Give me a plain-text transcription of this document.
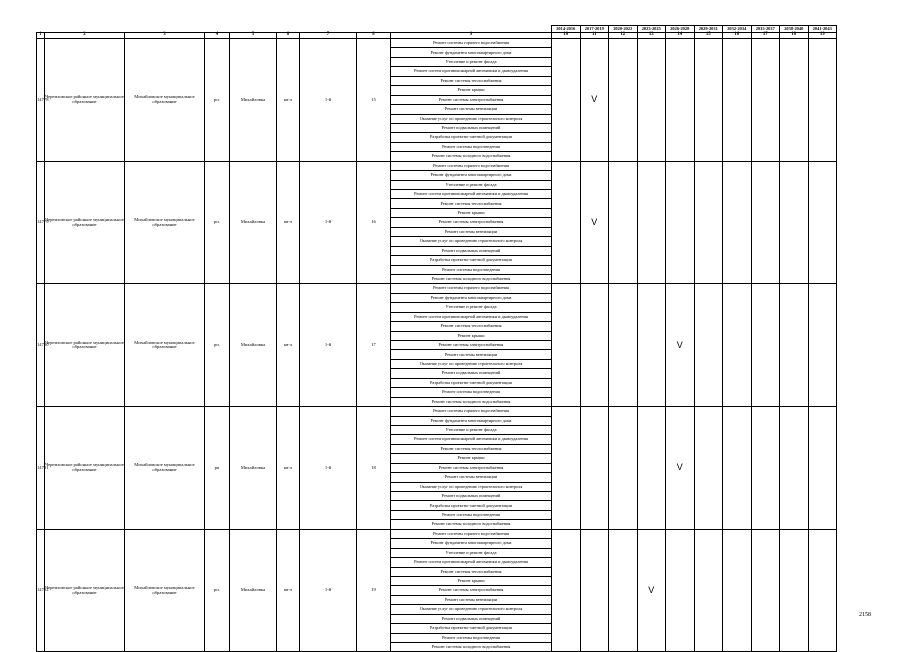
									2014-2016	2017-2019	2020-2022	2023-2025	2026-2028	2029-2031	2032-2034	2035-2037	2038-2040	2041-2043
1	2	3	4	5	6	7	8	9	10	11	12	13	14	15	16	17	18	19
14778	Черемховское районное муниципальное образование	Михайловское муниципальное образование	рп.	Михайловка	кв-л	1-й	15	Ремонт системы горячего водоснабжения		V								
								Ремонт фундамента многоквартирного дома										
								Утепление и ремонт фасада										
								Ремонт систем противопожарной автоматики и дымоудаления										
								Ремонт системы теплоснабжения										
								Ремонт крыши										
								Ремонт системы электроснабжения										
								Ремонт системы вентиляции										
								Оказание услуг по проведению строительного контроля										
								Ремонт подвальных помещений										
								Разработка проектно-сметной документации										
								Ремонт системы водоотведения										
								Ремонт системы холодного водоснабжения										
14779	Черемховское районное муниципальное образование	Михайловское муниципальное образование	рп.	Михайловка	кв-л	1-й	16	Ремонт системы горячего водоснабжения		V								
								Ремонт фундамента многоквартирного дома										
								Утепление и ремонт фасада										
								Ремонт систем противопожарной автоматики и дымоудаления										
								Ремонт системы теплоснабжения										
								Ремонт крыши										
								Ремонт системы электроснабжения										
								Ремонт системы вентиляции										
								Оказание услуг по проведению строительного контроля										
								Ремонт подвальных помещений										
								Разработка проектно-сметной документации										
								Ремонт системы водоотведения										
								Ремонт системы холодного водоснабжения										
14780	Черемховское районное муниципальное образование	Михайловское муниципальное образование	рп.	Михайловка	кв-л	1-й	17	Ремонт системы горячего водоснабжения					V					
								Ремонт фундамента многоквартирного дома										
								Утепление и ремонт фасада										
								Ремонт систем противопожарной автоматики и дымоудаления										
								Ремонт системы теплоснабжения										
								Ремонт крыши										
								Ремонт системы электроснабжения										
								Ремонт системы вентиляции										
								Оказание услуг по проведению строительного контроля										
								Ремонт подвальных помещений										
								Разработка проектно-сметной документации										
								Ремонт системы водоотведения										
								Ремонт системы холодного водоснабжения										
14781	Черемховское районное муниципальное образование	Михайловское муниципальное образование	рп	Михайловка	кв-л	1-й	18	Ремонт системы горячего водоснабжения					V					
								Ремонт фундамента многоквартирного дома										
								Утепление и ремонт фасада										
								Ремонт систем противопожарной автоматики и дымоудаления										
								Ремонт системы теплоснабжения										
								Ремонт крыши										
								Ремонт системы электроснабжения										
								Ремонт системы вентиляции										
								Оказание услуг по проведению строительного контроля										
								Ремонт подвальных помещений										
								Разработка проектно-сметной документации										
								Ремонт системы водоотведения										
								Ремонт системы холодного водоснабжения										
14782	Черемховское районное муниципальное образование	Михайловское муниципальное образование	рп.	Михайловка	кв-л	1-й	19	Ремонт системы горячего водоснабжения				V						
								Ремонт фундамента многоквартирного дома										
								Утепление и ремонт фасада										
								Ремонт систем противопожарной автоматики и дымоудаления										
								Ремонт системы теплоснабжения										
								Ремонт крыши										
								Ремонт системы электроснабжения										
								Ремонт системы вентиляции										
								Оказание услуг по проведению строительного контроля										
								Ремонт подвальных помещений										
								Разработка проектно-сметной документации										
								Ремонт системы водоотведения										
								Ремонт системы холодного водоснабжения										
2158
